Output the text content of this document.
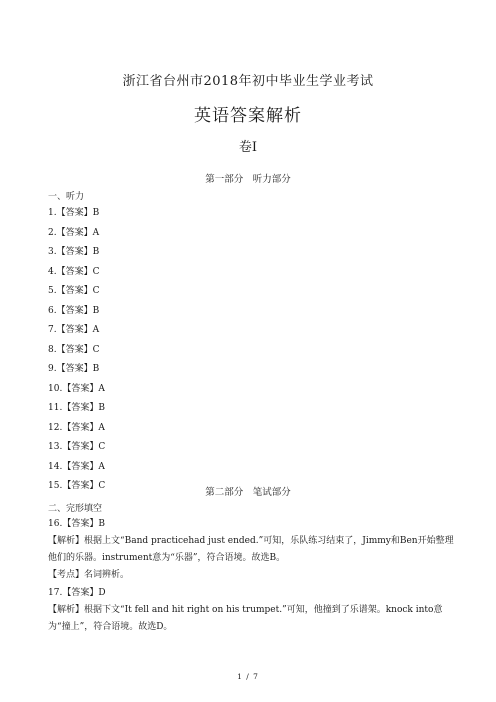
浙江省台州市2018年初中毕业生学业考试
英语答案解析
卷Ⅰ
第一部分　听力部分
一、听力
1.【答案】B
2.【答案】A
3.【答案】B
4.【答案】C
5.【答案】C
6.【答案】B
7.【答案】A
8.【答案】C
9.【答案】B
10.【答案】A
11.【答案】B
12.【答案】A
13.【答案】C
14.【答案】A
15.【答案】C
第二部分　笔试部分
二、完形填空
16.【答案】B
【解析】根据上文“Band practicehad just ended.”可知，乐队练习结束了，Jimmy和Ben开始整理他们的乐器。instrument意为“乐器”，符合语境。故选B。
【考点】名词辨析。
17.【答案】D
【解析】根据下文“It fell and hit right on his trumpet.”可知，他撞到了乐谱架。knock into意为“撞上”，符合语境。故选D。
1 / 7
